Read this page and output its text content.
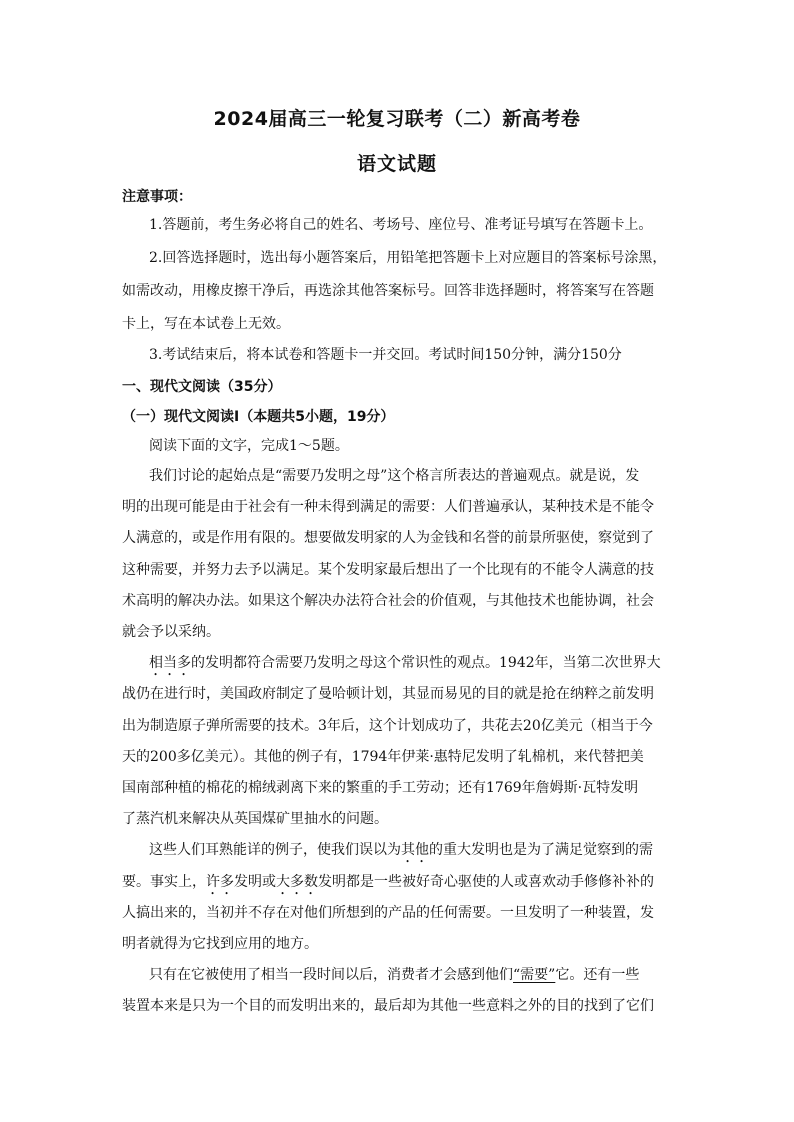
2024届高三一轮复习联考（二）新高考卷
语文试题
注意事项：
1.答题前，考生务必将自己的姓名、考场号、座位号、准考证号填写在答题卡上。
2.回答选择题时，选出每小题答案后，用铅笔把答题卡上对应题目的答案标号涂黑，
如需改动，用橡皮擦干净后，再选涂其他答案标号。回答非选择题时，将答案写在答题
卡上，写在本试卷上无效。
3.考试结束后，将本试卷和答题卡一并交回。考试时间150分钟，满分150分
一、现代文阅读（35分）
（一）现代文阅读Ⅰ（本题共5小题，19分）
阅读下面的文字，完成1～5题。
我们讨论的起始点是“需要乃发明之母”这个格言所表达的普遍观点。就是说，发
明的出现可能是由于社会有一种未得到满足的需要：人们普遍承认，某种技术是不能令
人满意的，或是作用有限的。想要做发明家的人为金钱和名誉的前景所驱使，察觉到了
这种需要，并努力去予以满足。某个发明家最后想出了一个比现有的不能令人满意的技
术高明的解决办法。如果这个解决办法符合社会的价值观，与其他技术也能协调，社会
就会予以采纳。
相当多的发明都符合需要乃发明之母这个常识性的观点。1942年，当第二次世界大
战仍在进行时，美国政府制定了曼哈顿计划，其显而易见的目的就是抢在纳粹之前发明
出为制造原子弹所需要的技术。3年后，这个计划成功了，共花去20亿美元（相当于今
天的200多亿美元）。其他的例子有，1794年伊莱·惠特尼发明了轧棉机，来代替把美
国南部种植的棉花的棉绒剥离下来的繁重的手工劳动；还有1769年詹姆斯·瓦特发明
了蒸汽机来解决从英国煤矿里抽水的问题。
这些人们耳熟能详的例子，使我们误以为其他的重大发明也是为了满足觉察到的需
要。事实上，许多发明或大多数发明都是一些被好奇心驱使的人或喜欢动手修修补补的
人搞出来的，当初并不存在对他们所想到的产品的任何需要。一旦发明了一种装置，发
明者就得为它找到应用的地方。
只有在它被使用了相当一段时间以后，消费者才会感到他们“需要”它。还有一些
装置本来是只为一个目的而发明出来的，最后却为其他一些意料之外的目的找到了它们
